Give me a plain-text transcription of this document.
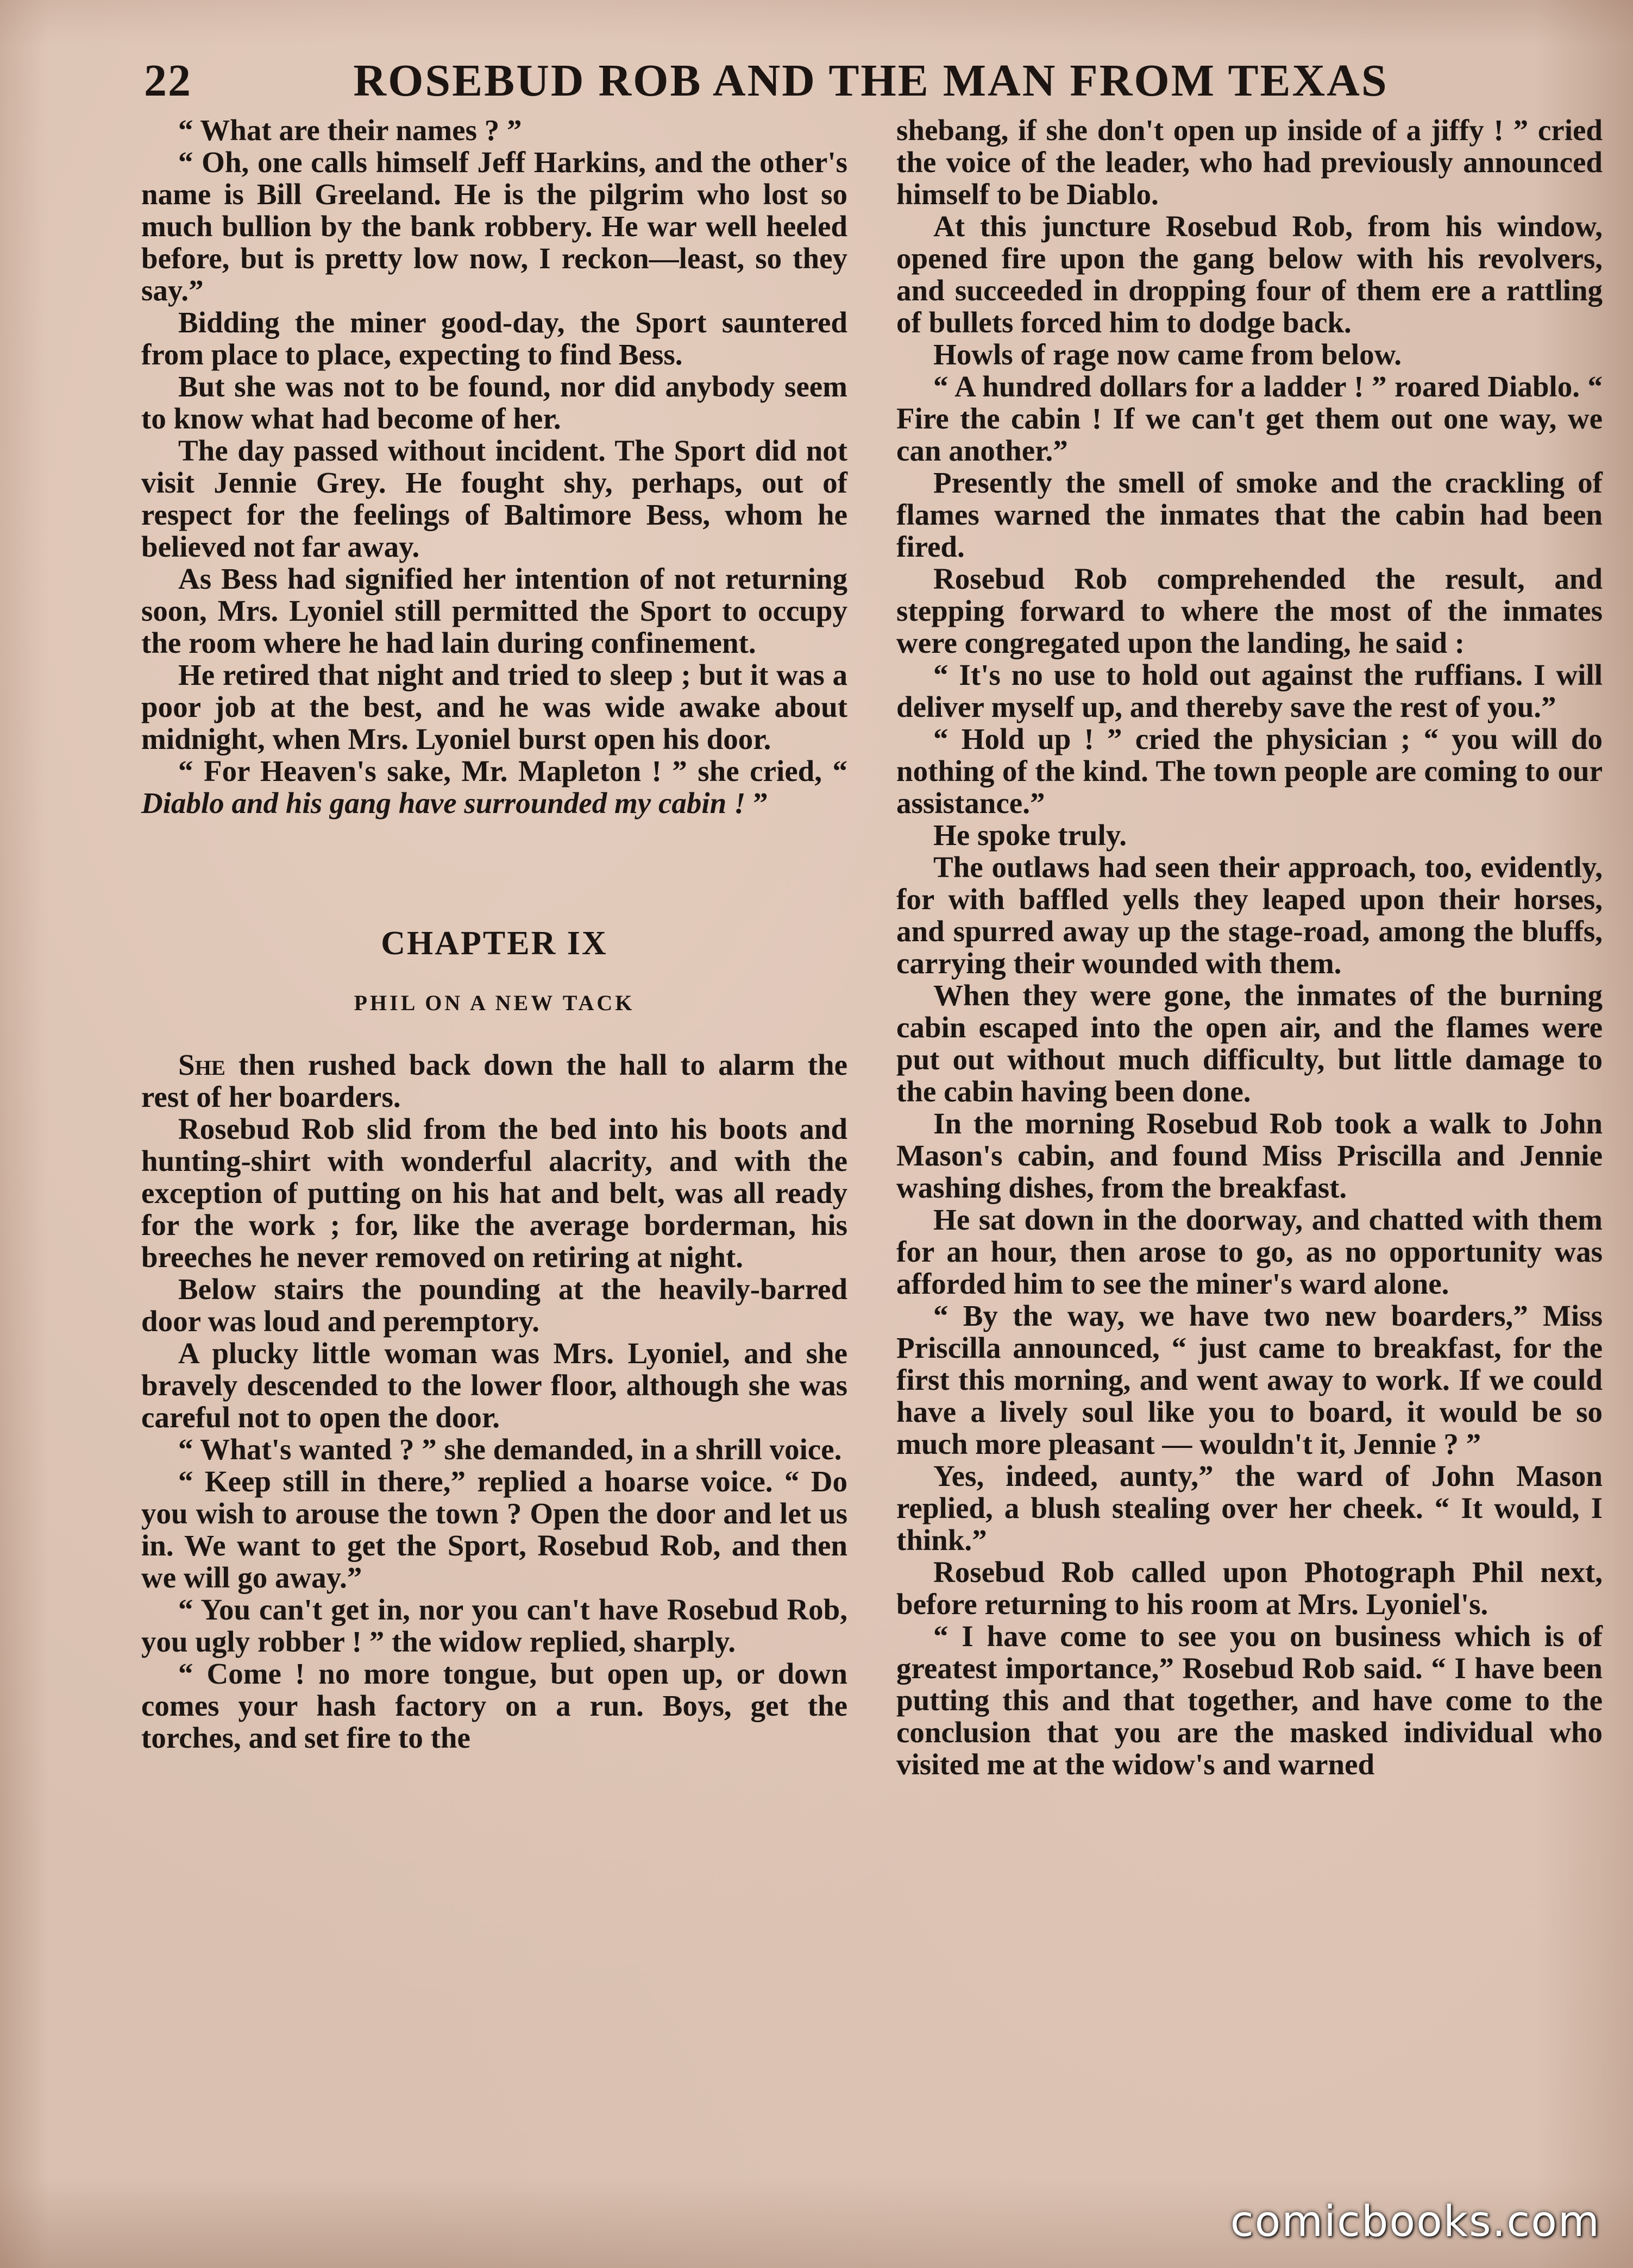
22	ROSEBUD ROB AND THE MAN FROM TEXAS

“ What are their names ? ”

“ Oh, one calls himself Jeff Harkins, and the other's name is Bill Greeland. He is the pilgrim who lost so much bullion by the bank robbery. He war well heeled before, but is pretty low now, I reckon—least, so they say.”

Bidding the miner good-day, the Sport sauntered from place to place, expecting to find Bess.

But she was not to be found, nor did anybody seem to know what had become of her.

The day passed without incident. The Sport did not visit Jennie Grey. He fought shy, perhaps, out of respect for the feelings of Baltimore Bess, whom he believed not far away.

As Bess had signified her intention of not returning soon, Mrs. Lyoniel still permitted the Sport to occupy the room where he had lain during confinement.

He retired that night and tried to sleep ; but it was a poor job at the best, and he was wide awake about midnight, when Mrs. Lyoniel burst open his door.

“ For Heaven's sake, Mr. Mapleton ! ” she cried, “ Diablo and his gang have surrounded my cabin ! ”

CHAPTER IX
PHIL ON A NEW TACK

She then rushed back down the hall to alarm the rest of her boarders.

Rosebud Rob slid from the bed into his boots and hunting-shirt with wonderful alacrity, and with the exception of putting on his hat and belt, was all ready for the work ; for, like the average borderman, his breeches he never removed on retiring at night.

Below stairs the pounding at the heavily-barred door was loud and peremptory.

A plucky little woman was Mrs. Lyoniel, and she bravely descended to the lower floor, although she was careful not to open the door.

“ What's wanted ? ” she demanded, in a shrill voice.

“ Keep still in there,” replied a hoarse voice. “ Do you wish to arouse the town ? Open the door and let us in. We want to get the Sport, Rosebud Rob, and then we will go away.”

“ You can't get in, nor you can't have Rosebud Rob, you ugly robber ! ” the widow replied, sharply.

“ Come ! no more tongue, but open up, or down comes your hash factory on a run. Boys, get the torches, and set fire to the

shebang, if she don't open up inside of a jiffy ! ” cried the voice of the leader, who had previously announced himself to be Diablo.

At this juncture Rosebud Rob, from his window, opened fire upon the gang below with his revolvers, and succeeded in dropping four of them ere a rattling of bullets forced him to dodge back.

Howls of rage now came from below.

“ A hundred dollars for a ladder ! ” roared Diablo. “ Fire the cabin ! If we can't get them out one way, we can another.”

Presently the smell of smoke and the crackling of flames warned the inmates that the cabin had been fired.

Rosebud Rob comprehended the result, and stepping forward to where the most of the inmates were congregated upon the landing, he said :

“ It's no use to hold out against the ruffians. I will deliver myself up, and thereby save the rest of you.”

“ Hold up ! ” cried the physician ; “ you will do nothing of the kind. The town people are coming to our assistance.”

He spoke truly.

The outlaws had seen their approach, too, evidently, for with baffled yells they leaped upon their horses, and spurred away up the stage-road, among the bluffs, carrying their wounded with them.

When they were gone, the inmates of the burning cabin escaped into the open air, and the flames were put out without much difficulty, but little damage to the cabin having been done.

In the morning Rosebud Rob took a walk to John Mason's cabin, and found Miss Priscilla and Jennie washing dishes, from the breakfast.

He sat down in the doorway, and chatted with them for an hour, then arose to go, as no opportunity was afforded him to see the miner's ward alone.

“ By the way, we have two new boarders,” Miss Priscilla announced, “ just came to breakfast, for the first this morning, and went away to work. If we could have a lively soul like you to board, it would be so much more pleasant — wouldn't it, Jennie ? ”

Yes, indeed, aunty,” the ward of John Mason replied, a blush stealing over her cheek. “ It would, I think.”

Rosebud Rob called upon Photograph Phil next, before returning to his room at Mrs. Lyoniel's.

“ I have come to see you on business which is of greatest importance,” Rosebud Rob said. “ I have been putting this and that together, and have come to the conclusion that you are the masked individual who visited me at the widow's and warned

comicbooks.com
